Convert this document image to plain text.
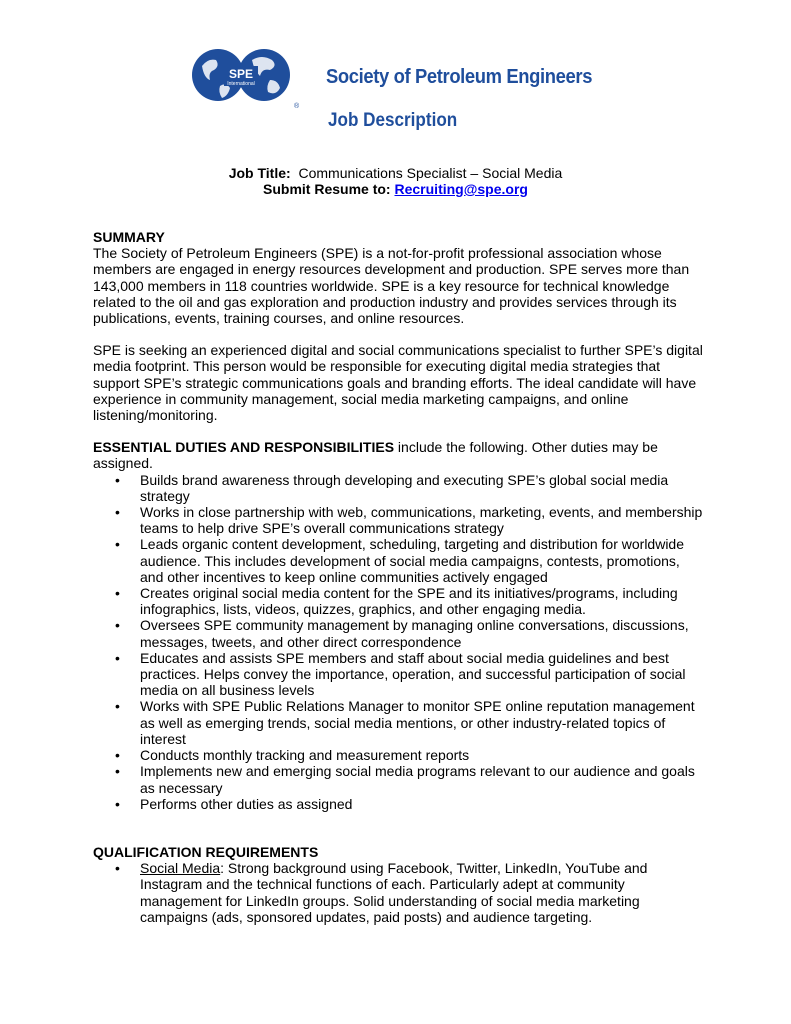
SPE
International
®
Society of Petroleum Engineers
Job Description
Job Title: Communications Specialist – Social Media
Submit Resume to: Recruiting@spe.org

SUMMARY

The Society of Petroleum Engineers (SPE) is a not-for-profit professional association whose members are engaged in energy resources development and production. SPE serves more than 143,000 members in 118 countries worldwide. SPE is a key resource for technical knowledge related to the oil and gas exploration and production industry and provides services through its publications, events, training courses, and online resources.

SPE is seeking an experienced digital and social communications specialist to further SPE’s digital media footprint. This person would be responsible for executing digital media strategies that support SPE’s strategic communications goals and branding efforts. The ideal candidate will have experience in community management, social media marketing campaigns, and online listening/monitoring.

ESSENTIAL DUTIES AND RESPONSIBILITIES include the following. Other duties may be assigned.

• Builds brand awareness through developing and executing SPE’s global social media strategy
• Works in close partnership with web, communications, marketing, events, and membership teams to help drive SPE’s overall communications strategy
• Leads organic content development, scheduling, targeting and distribution for worldwide audience. This includes development of social media campaigns, contests, promotions, and other incentives to keep online communities actively engaged
• Creates original social media content for the SPE and its initiatives/programs, including infographics, lists, videos, quizzes, graphics, and other engaging media.
• Oversees SPE community management by managing online conversations, discussions, messages, tweets, and other direct correspondence
• Educates and assists SPE members and staff about social media guidelines and best practices. Helps convey the importance, operation, and successful participation of social media on all business levels
• Works with SPE Public Relations Manager to monitor SPE online reputation management as well as emerging trends, social media mentions, or other industry-related topics of interest
• Conducts monthly tracking and measurement reports
• Implements new and emerging social media programs relevant to our audience and goals as necessary
• Performs other duties as assigned

QUALIFICATION REQUIREMENTS

• Social Media: Strong background using Facebook, Twitter, LinkedIn, YouTube and Instagram and the technical functions of each. Particularly adept at community management for LinkedIn groups. Solid understanding of social media marketing campaigns (ads, sponsored updates, paid posts) and audience targeting.
